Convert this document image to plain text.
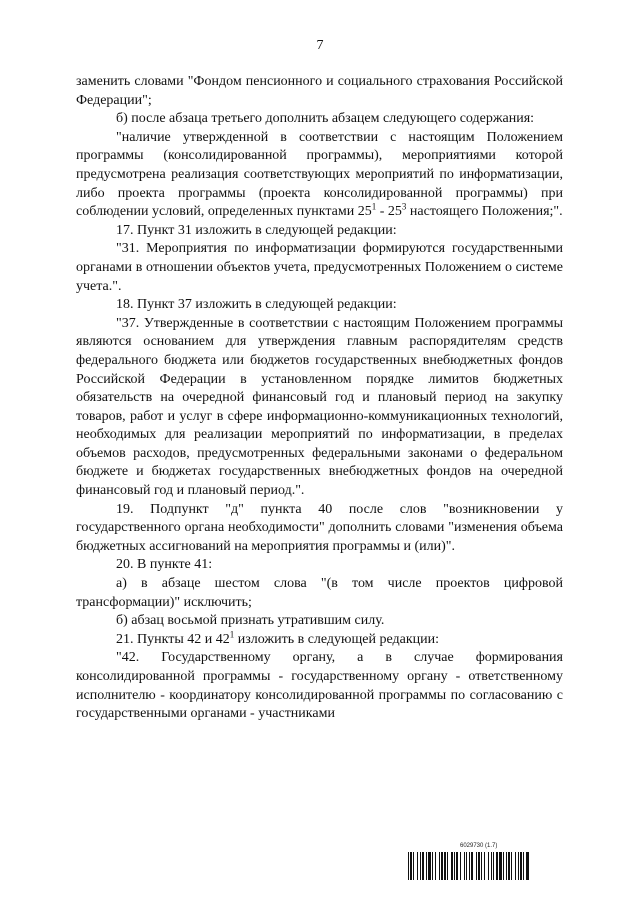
7

заменить словами "Фондом пенсионного и социального страхования Российской Федерации";

б) после абзаца третьего дополнить абзацем следующего содержания:

"наличие утвержденной в соответствии с настоящим Положением программы (консолидированной программы), мероприятиями которой предусмотрена реализация соответствующих мероприятий по информатизации, либо проекта программы (проекта консолидированной программы) при соблюдении условий, определенных пунктами $25^1 - 25^3$ настоящего Положения;".

17. Пункт 31 изложить в следующей редакции:

"31. Мероприятия по информатизации формируются государственными органами в отношении объектов учета, предусмотренных Положением о системе учета.".

18. Пункт 37 изложить в следующей редакции:

"37. Утвержденные в соответствии с настоящим Положением программы являются основанием для утверждения главным распорядителям средств федерального бюджета или бюджетов государственных внебюджетных фондов Российской Федерации в установленном порядке лимитов бюджетных обязательств на очередной финансовый год и плановый период на закупку товаров, работ и услуг в сфере информационно-коммуникационных технологий, необходимых для реализации мероприятий по информатизации, в пределах объемов расходов, предусмотренных федеральными законами о федеральном бюджете и бюджетах государственных внебюджетных фондов на очередной финансовый год и плановый период.".

19. Подпункт "д" пункта 40 после слов "возникновении у государственного органа необходимости" дополнить словами "изменения объема бюджетных ассигнований на мероприятия программы и (или)".

20. В пункте 41:

а) в абзаце шестом слова "(в том числе проектов цифровой трансформации)" исключить;

б) абзац восьмой признать утратившим силу.

21. Пункты 42 и $42^1$ изложить в следующей редакции:

"42. Государственному органу, а в случае формирования консолидированной программы - государственному органу - ответственному исполнителю - координатору консолидированной программы по согласованию с государственными органами - участниками

6029730 (1.7)
